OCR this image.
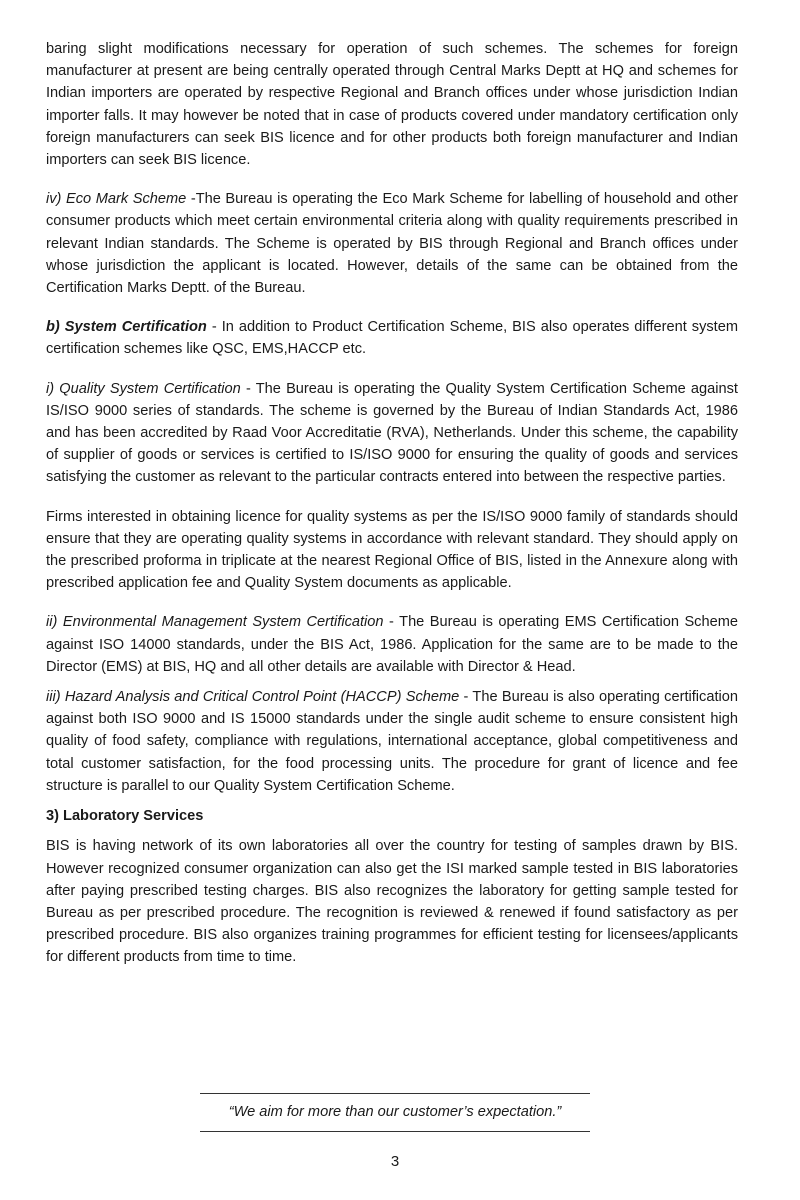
baring slight modifications necessary for operation of such schemes. The schemes for foreign manufacturer at present are being centrally operated through Central Marks Deptt at HQ and schemes for Indian importers are operated by respective Regional and Branch offices under whose jurisdiction Indian importer falls. It may however be noted that in case of products covered under mandatory certification only foreign manufacturers can seek BIS licence and for other products both foreign manufacturer and Indian importers can seek BIS licence.

iv) Eco Mark Scheme -The Bureau is operating the Eco Mark Scheme for labelling of household and other consumer products which meet certain environmental criteria along with quality requirements prescribed in relevant Indian standards. The Scheme is operated by BIS through Regional and Branch offices under whose jurisdiction the applicant is located. However, details of the same can be obtained from the Certification Marks Deptt. of the Bureau.

b) System Certification - In addition to Product Certification Scheme, BIS also operates different system certification schemes like QSC, EMS,HACCP etc.

i) Quality System Certification - The Bureau is operating the Quality System Certification Scheme against IS/ISO 9000 series of standards. The scheme is governed by the Bureau of Indian Standards Act, 1986 and has been accredited by Raad Voor Accreditatie (RVA), Netherlands. Under this scheme, the capability of supplier of goods or services is certified to IS/ISO 9000 for ensuring the quality of goods and services satisfying the customer as relevant to the particular contracts entered into between the respective parties.

Firms interested in obtaining licence for quality systems as per the IS/ISO 9000 family of standards should ensure that they are operating quality systems in accordance with relevant standard. They should apply on the prescribed proforma in triplicate at the nearest Regional Office of BIS, listed in the Annexure along with prescribed application fee and Quality System documents as applicable.

ii) Environmental Management System Certification - The Bureau is operating EMS Certification Scheme against ISO 14000 standards, under the BIS Act, 1986. Application for the same are to be made to the Director (EMS) at BIS, HQ and all other details are available with Director & Head.

iii) Hazard Analysis and Critical Control Point (HACCP) Scheme - The Bureau is also operating certification against both ISO 9000 and IS 15000 standards under the single audit scheme to ensure consistent high quality of food safety, compliance with regulations, international acceptance, global competitiveness and total customer satisfaction, for the food processing units. The procedure for grant of licence and fee structure is parallel to our Quality System Certification Scheme.

3) Laboratory Services

BIS is having network of its own laboratories all over the country for testing of samples drawn by BIS. However recognized consumer organization can also get the ISI marked sample tested in BIS laboratories after paying prescribed testing charges. BIS also recognizes the laboratory for getting sample tested for Bureau as per prescribed procedure. The recognition is reviewed & renewed if found satisfactory as per prescribed procedure. BIS also organizes training programmes for efficient testing for licensees/applicants for different products from time to time.

“We aim for more than our customer’s expectation.”
3
